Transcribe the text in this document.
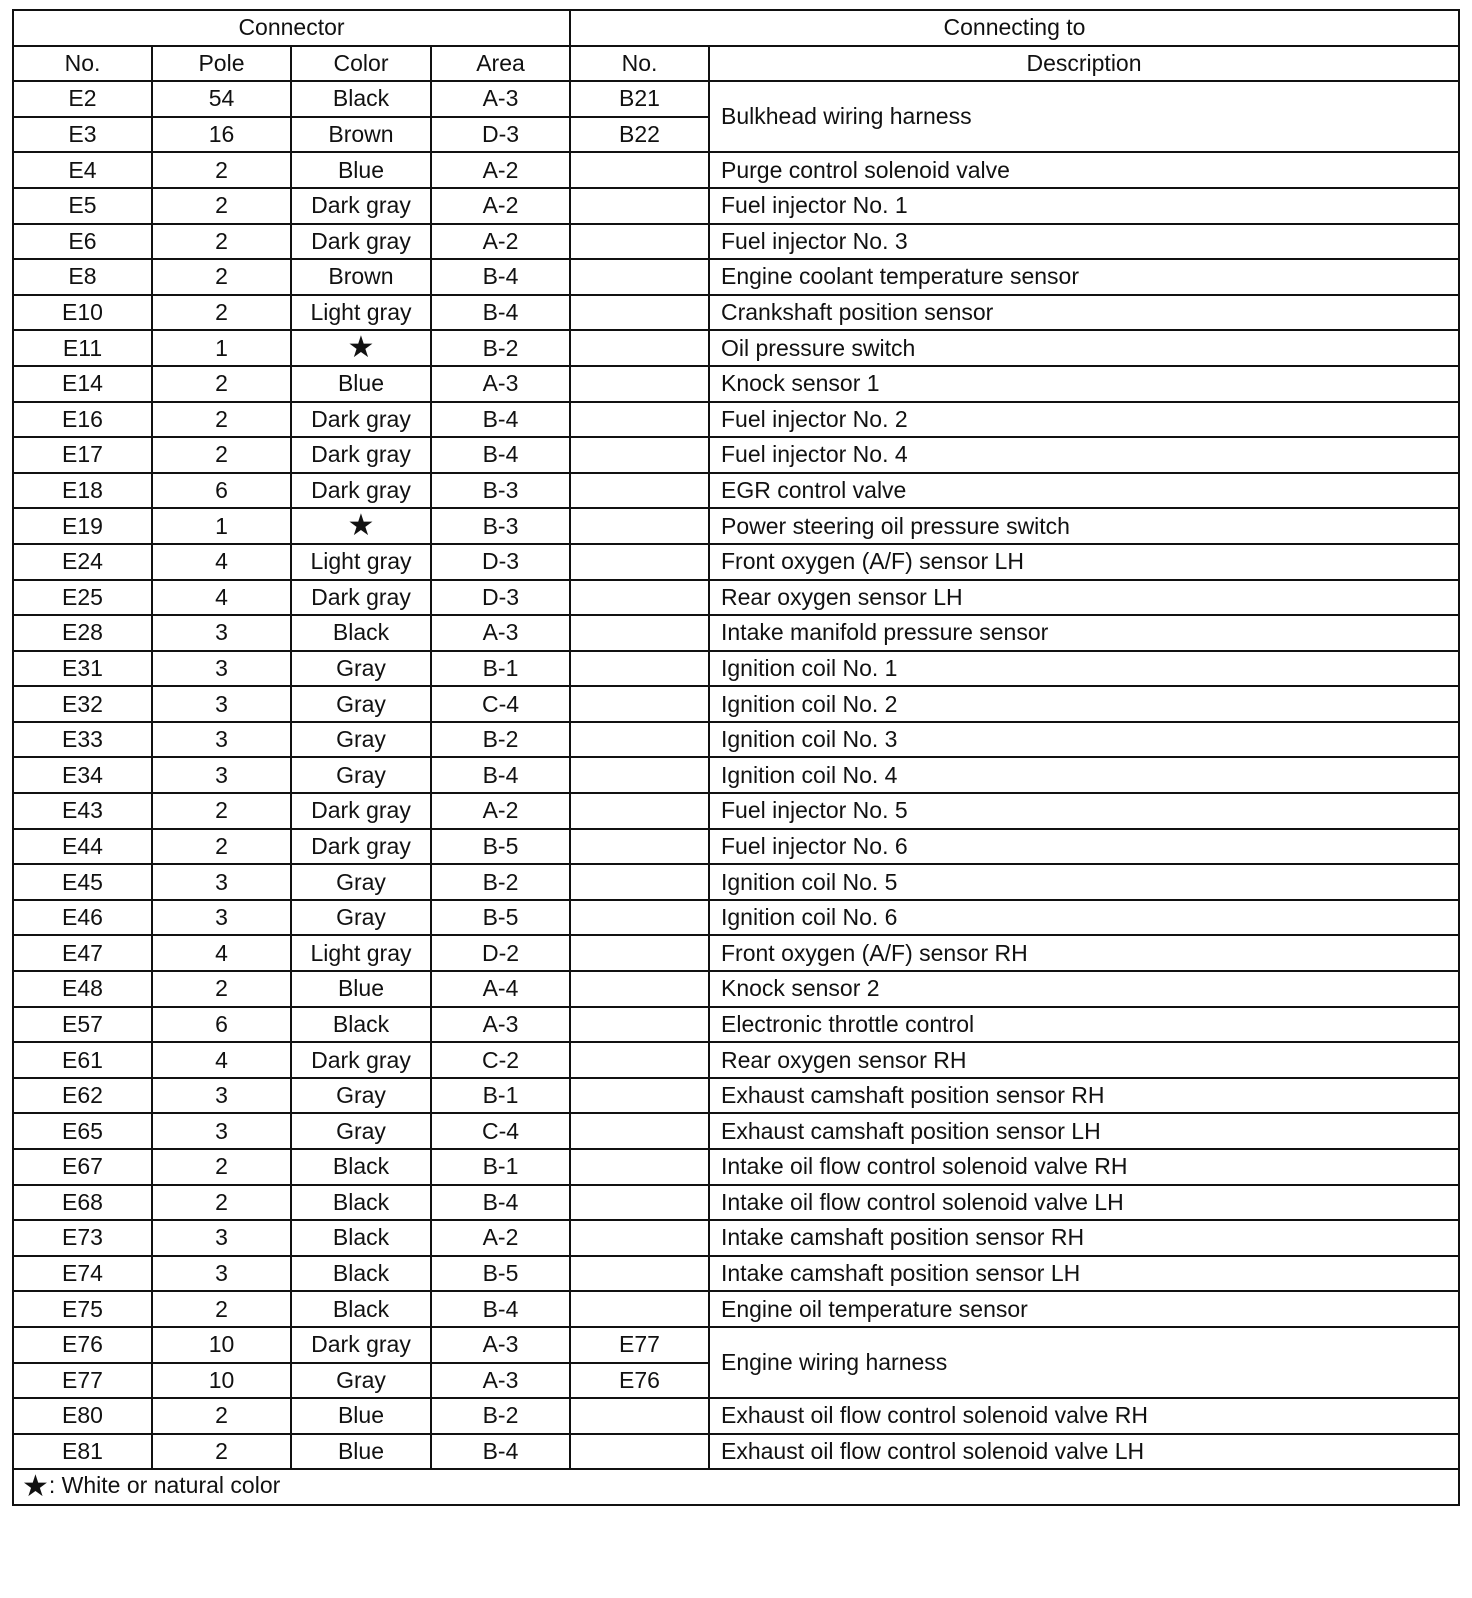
Connector				Connecting to	
No.	Pole	Color	Area	No.	Description
E2	54	Black	A-3	B21	Bulkhead wiring harness
E3	16	Brown	D-3	B22	
E4	2	Blue	A-2		Purge control solenoid valve
E5	2	Dark gray	A-2		Fuel injector No. 1
E6	2	Dark gray	A-2		Fuel injector No. 3
E8	2	Brown	B-4		Engine coolant temperature sensor
E10	2	Light gray	B-4		Crankshaft position sensor
E11	1	★	B-2		Oil pressure switch
E14	2	Blue	A-3		Knock sensor 1
E16	2	Dark gray	B-4		Fuel injector No. 2
E17	2	Dark gray	B-4		Fuel injector No. 4
E18	6	Dark gray	B-3		EGR control valve
E19	1	★	B-3		Power steering oil pressure switch
E24	4	Light gray	D-3		Front oxygen (A/F) sensor LH
E25	4	Dark gray	D-3		Rear oxygen sensor LH
E28	3	Black	A-3		Intake manifold pressure sensor
E31	3	Gray	B-1		Ignition coil No. 1
E32	3	Gray	C-4		Ignition coil No. 2
E33	3	Gray	B-2		Ignition coil No. 3
E34	3	Gray	B-4		Ignition coil No. 4
E43	2	Dark gray	A-2		Fuel injector No. 5
E44	2	Dark gray	B-5		Fuel injector No. 6
E45	3	Gray	B-2		Ignition coil No. 5
E46	3	Gray	B-5		Ignition coil No. 6
E47	4	Light gray	D-2		Front oxygen (A/F) sensor RH
E48	2	Blue	A-4		Knock sensor 2
E57	6	Black	A-3		Electronic throttle control
E61	4	Dark gray	C-2		Rear oxygen sensor RH
E62	3	Gray	B-1		Exhaust camshaft position sensor RH
E65	3	Gray	C-4		Exhaust camshaft position sensor LH
E67	2	Black	B-1		Intake oil flow control solenoid valve RH
E68	2	Black	B-4		Intake oil flow control solenoid valve LH
E73	3	Black	A-2		Intake camshaft position sensor RH
E74	3	Black	B-5		Intake camshaft position sensor LH
E75	2	Black	B-4		Engine oil temperature sensor
E76	10	Dark gray	A-3	E77	Engine wiring harness
E77	10	Gray	A-3	E76	
E80	2	Blue	B-2		Exhaust oil flow control solenoid valve RH
E81	2	Blue	B-4		Exhaust oil flow control solenoid valve LH
★: White or natural color					
